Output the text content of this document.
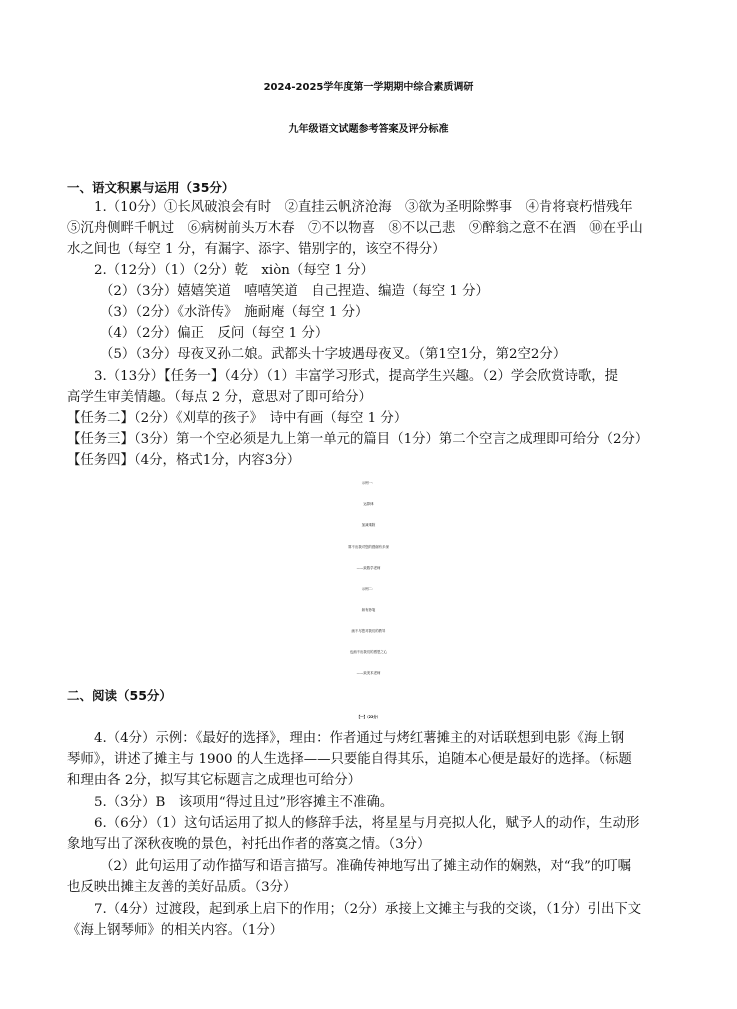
2024-2025学年度第一学期期中综合素质调研
九年级语文试题参考答案及评分标准
一、语文积累与运用（35分）
1.（10分）①长风破浪会有时　②直挂云帆济沧海　③欲为圣明除弊事　④肯将衰朽惜残年
⑤沉舟侧畔千帆过　⑥病树前头万木春　⑦不以物喜　⑧不以己悲　⑨醉翁之意不在酒　⑩在乎山
水之间也（每空 1 分，有漏字、添字、错别字的，该空不得分）
2.（12分）（1）（2分）乾　xiòn（每空 1 分）
（2）（3分）嬉嬉笑道　嘻嘻笑道　自己捏造、编造（每空 1 分）
（3）（2分）《水浒传》　施耐庵（每空 1 分）
（4）（2分）偏正　反问（每空 1 分）
（5）（3分）母夜叉孙二娘。武都头十字坡遇母夜叉。（第1空1分，第2空2分）
3.（13分）【任务一】（4分）（1）丰富学习形式，提高学生兴趣。（2）学会欣赏诗歌，提
高学生审美情趣。（每点 2 分，意思对了即可给分）
【任务二】（2分）《刈草的孩子》　诗中有画（每空 1 分）
【任务三】（3分）第一个空必须是九上第一单元的篇目（1分）第二个空言之成理即可给分（2分）
【任务四】（4分，格式1分，内容3分）
示例一：
运算律
加减乘除
算不出我对您的感谢有多深
——致数学老师
示例二：
纵有妙笔
画不尽您对我们的教导
也画不出我们的感恩之心
——致美术老师
二、阅读（55分）
【一】（22分）
4.（4分）示例：《最好的选择》，理由：作者通过与烤红薯摊主的对话联想到电影《海上钢
琴师》，讲述了摊主与 1900 的人生选择——只要能自得其乐，追随本心便是最好的选择。（标题
和理由各 2分，拟写其它标题言之成理也可给分）
5.（3分）B　该项用“得过且过”形容摊主不准确。
6.（6分）（1）这句话运用了拟人的修辞手法，将星星与月亮拟人化，赋予人的动作，生动形
象地写出了深秋夜晚的景色，衬托出作者的落寞之情。（3分）
（2）此句运用了动作描写和语言描写。准确传神地写出了摊主动作的娴熟，对“我”的叮嘱
也反映出摊主友善的美好品质。（3分）
7.（4分）过渡段，起到承上启下的作用；（2分）承接上文摊主与我的交谈，（1分）引出下文
《海上钢琴师》的相关内容。（1分）
